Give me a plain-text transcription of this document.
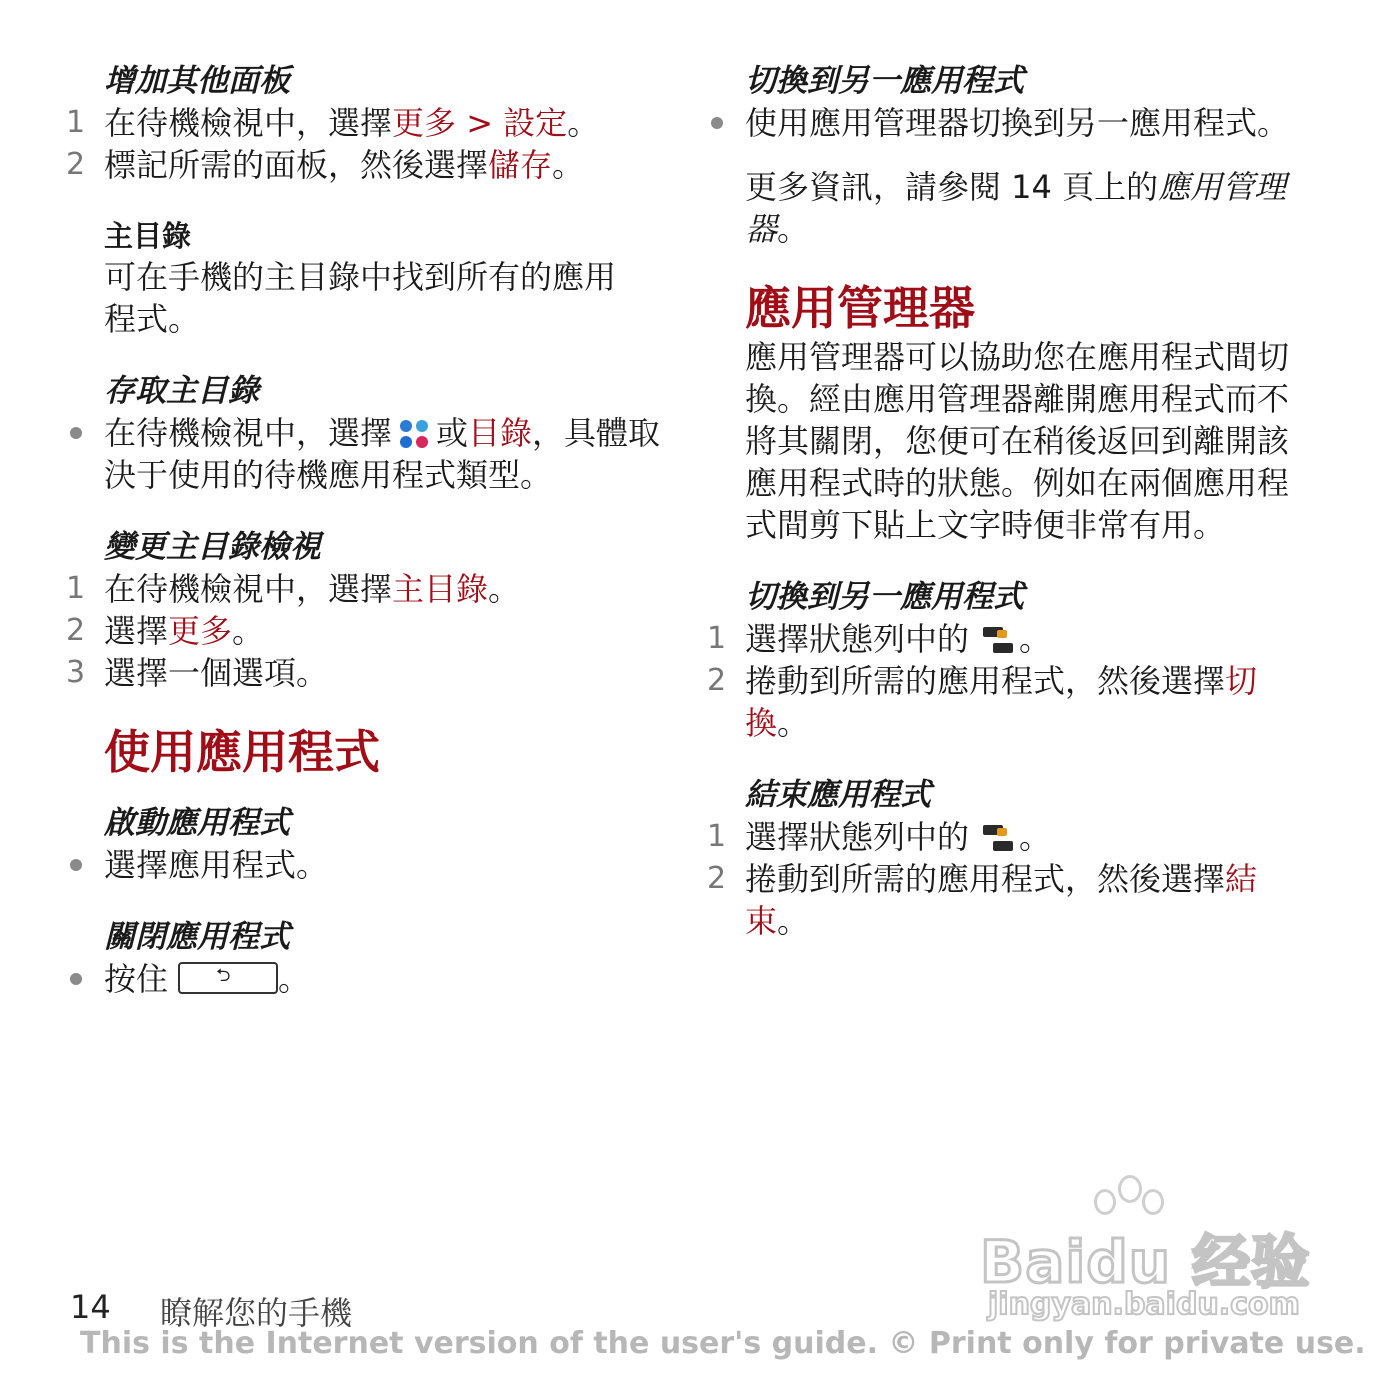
增加其他面板

1 在待機檢視中，選擇更多 > 設定。
2 標記所需的面板，然後選擇儲存。

主目錄

可在手機的主目錄中找到所有的應用程式。

存取主目錄

在待機檢視中，選擇 或目錄，具體取決于使用的待機應用程式類型。

變更主目錄檢視

1 在待機檢視中，選擇主目錄。
2 選擇更多。
3 選擇一個選項。

使用應用程式

啟動應用程式

選擇應用程式。

關閉應用程式

按住	⮌ 。

切換到另一應用程式

使用應用管理器切換到另一應用程式。
更多資訊，請參閱 14 頁上的應用管理器。

應用管理器

應用管理器可以協助您在應用程式間切換。經由應用管理器離開應用程式而不將其關閉，您便可在稍後返回到離開該應用程式時的狀態。例如在兩個應用程式間剪下貼上文字時便非常有用。

切換到另一應用程式

1 選擇狀態列中的 。
2 捲動到所需的應用程式，然後選擇切換。

結束應用程式

1 選擇狀態列中的 。
2 捲動到所需的應用程式，然後選擇結束。
Baidu 经验
jingyan.baidu.com
14 瞭解您的手機
This is the Internet version of the user's guide. © Print only for private use.
